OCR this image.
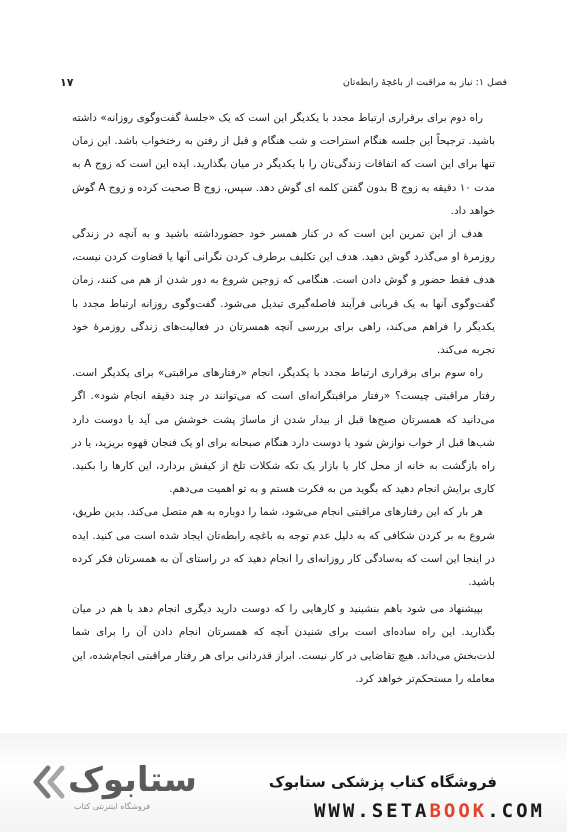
فصل ۱: نیاز به مراقبت از باغچهٔ رابطه‌تان
۱۷

راه دوم برای برقراری ارتباط مجدد با یکدیگر این است که یک «جلسهٔ گفت‌وگوی روزانه» داشته باشید. ترجیحاً این جلسه هنگام استراحت و شب هنگام و قبل از رفتن به رختخواب باشد. این زمان تنها برای این است که اتفاقات زندگی‌تان را با یکدیگر در میان بگذارید. ایده این است که زوج A به مدت ۱۰ دقیقه به زوج B بدون گفتن کلمه ای گوش دهد. سپس، زوج B صحبت کرده و زوج A گوش خواهد داد.

هدف از این تمرین این است که در کنار همسر خود حضورداشته باشید و به آنچه در زندگی روزمرهٔ او می‌گذرد گوش دهید. هدف این تکلیف برطرف کردن نگرانی آنها یا قضاوت کردن نیست، هدف فقط حضور و گوش دادن است. هنگامی که زوجین شروع به دور شدن از هم می کنند، زمان گفت‌وگوی آنها به یک قربانی فرآیند فاصله‌گیری تبدیل می‌شود. گفت‌وگوی روزانه ارتباط مجدد با یکدیگر را فراهم می‌کند، راهی برای بررسی آنچه همسرتان در فعالیت‌های زندگی روزمرهٔ خود تجربه می‌کند.

راه سوم برای برقراری ارتباط مجدد با یکدیگر، انجام «رفتارهای مراقبتی» برای یکدیگر است. رفتار مراقبتی چیست؟ «رفتار مراقبتگرانه‌ای است که می‌توانند در چند دقیقه انجام شود». اگر می‌دانید که همسرتان صبح‌ها قبل از بیدار شدن از ماساژ پشت خوشش می آید یا دوست دارد شب‌ها قبل از خواب نوازش شود یا دوست دارد هنگام صبحانه برای او یک فنجان قهوه بریزید، یا در راه بازگشت به خانه از محل کار یا بازار یک تکه شکلات تلخ از کیفش بردارد، این کارها را بکنید. کاری برایش انجام دهید که بگوید من به فکرت هستم و به تو اهمیت می‌دهم.

هر بار که این رفتارهای مراقبتی انجام می‌شود، شما را دوباره به هم متصل می‌کند. بدین طریق، شروع به بر کردن شکافی که به دلیل عدم توجه به باغچه رابطه‌تان ایجاد شده است می کنید. ایده در اینجا این است که به‌سادگی کار روزانه‌ای را انجام دهید که در راستای آن به همسرتان فکر کرده باشید.

بپیشنهاد می شود باهم بنشینید و کارهایی را که دوست دارید دیگری انجام دهد با هم در میان بگذارید. این راه ساده‌ای است برای شنیدن آنچه که همسرتان انجام دادن آن را برای شما لذت‌بخش می‌داند. هیچ تقاضایی در کار نیست. ابراز قدردانی برای هر رفتار مراقبتی انجام‌شده، این معامله را مستحکم‌تر خواهد کرد.

ستابوک
فروشگاه اینترنتی کتاب
فروشگاه کتاب پزشکی ستابوک
WWW.SETABOOK.COM
